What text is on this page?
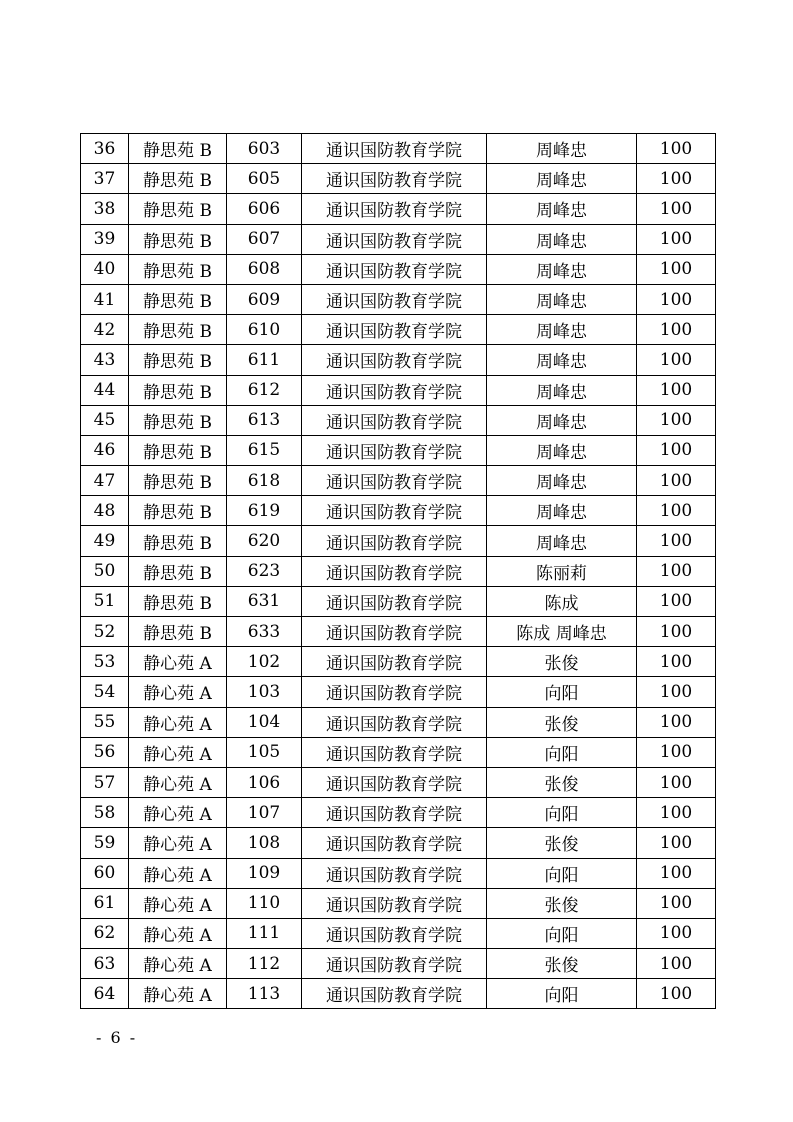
36	静思苑 B	603	通识国防教育学院	周峰忠	100
37	静思苑 B	605	通识国防教育学院	周峰忠	100
38	静思苑 B	606	通识国防教育学院	周峰忠	100
39	静思苑 B	607	通识国防教育学院	周峰忠	100
40	静思苑 B	608	通识国防教育学院	周峰忠	100
41	静思苑 B	609	通识国防教育学院	周峰忠	100
42	静思苑 B	610	通识国防教育学院	周峰忠	100
43	静思苑 B	611	通识国防教育学院	周峰忠	100
44	静思苑 B	612	通识国防教育学院	周峰忠	100
45	静思苑 B	613	通识国防教育学院	周峰忠	100
46	静思苑 B	615	通识国防教育学院	周峰忠	100
47	静思苑 B	618	通识国防教育学院	周峰忠	100
48	静思苑 B	619	通识国防教育学院	周峰忠	100
49	静思苑 B	620	通识国防教育学院	周峰忠	100
50	静思苑 B	623	通识国防教育学院	陈丽莉	100
51	静思苑 B	631	通识国防教育学院	陈成	100
52	静思苑 B	633	通识国防教育学院	陈成 周峰忠	100
53	静心苑 A	102	通识国防教育学院	张俊	100
54	静心苑 A	103	通识国防教育学院	向阳	100
55	静心苑 A	104	通识国防教育学院	张俊	100
56	静心苑 A	105	通识国防教育学院	向阳	100
57	静心苑 A	106	通识国防教育学院	张俊	100
58	静心苑 A	107	通识国防教育学院	向阳	100
59	静心苑 A	108	通识国防教育学院	张俊	100
60	静心苑 A	109	通识国防教育学院	向阳	100
61	静心苑 A	110	通识国防教育学院	张俊	100
62	静心苑 A	111	通识国防教育学院	向阳	100
63	静心苑 A	112	通识国防教育学院	张俊	100
64	静心苑 A	113	通识国防教育学院	向阳	100
- 6 -
